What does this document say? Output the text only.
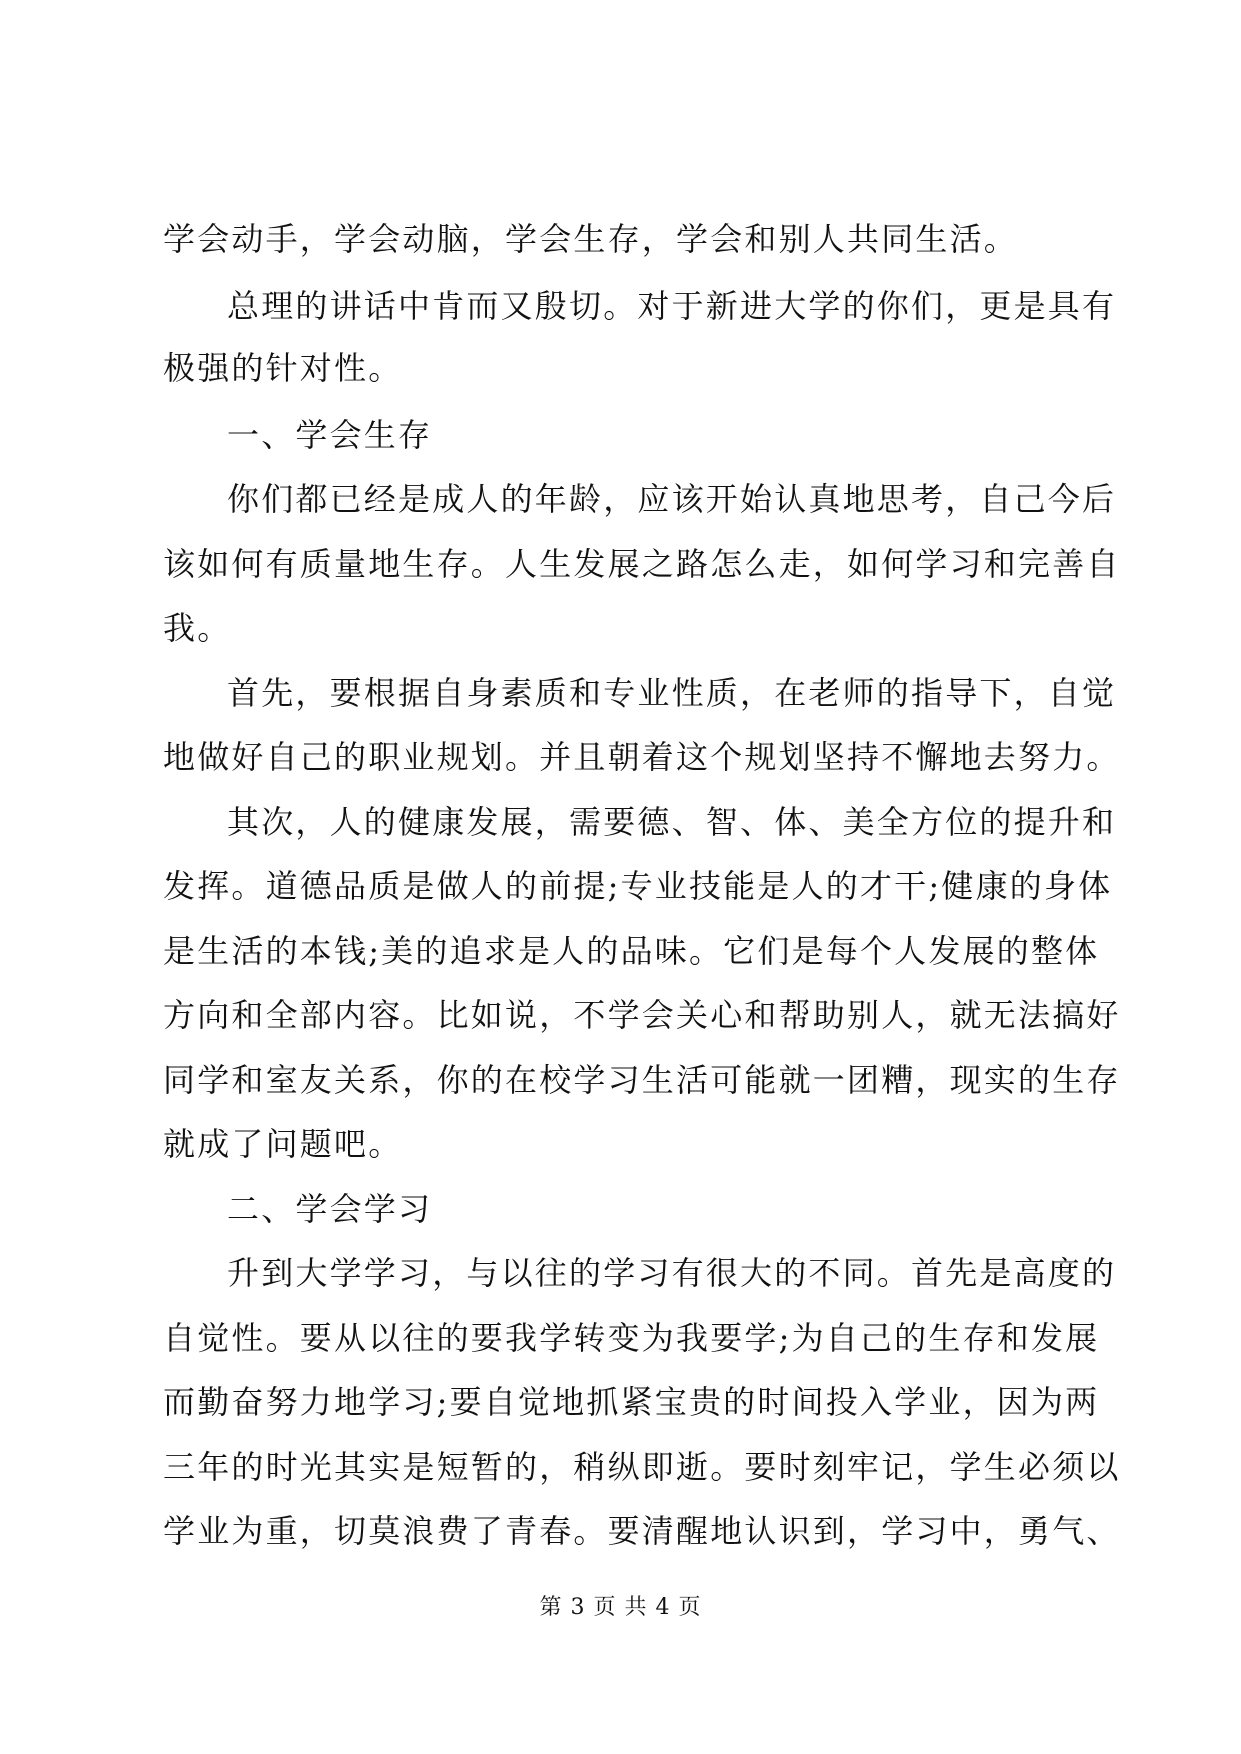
学会动手，学会动脑，学会生存，学会和别人共同生活。
总理的讲话中肯而又殷切。对于新进大学的你们，更是具有
极强的针对性。
一、学会生存
你们都已经是成人的年龄，应该开始认真地思考，自己今后
该如何有质量地生存。人生发展之路怎么走，如何学习和完善自
我。
首先，要根据自身素质和专业性质，在老师的指导下，自觉
地做好自己的职业规划。并且朝着这个规划坚持不懈地去努力。
其次，人的健康发展，需要德、智、体、美全方位的提升和
发挥。道德品质是做人的前提;专业技能是人的才干;健康的身体
是生活的本钱;美的追求是人的品味。它们是每个人发展的整体
方向和全部内容。比如说，不学会关心和帮助别人，就无法搞好
同学和室友关系，你的在校学习生活可能就一团糟，现实的生存
就成了问题吧。
二、学会学习
升到大学学习，与以往的学习有很大的不同。首先是高度的
自觉性。要从以往的要我学转变为我要学;为自己的生存和发展
而勤奋努力地学习;要自觉地抓紧宝贵的时间投入学业，因为两
三年的时光其实是短暂的，稍纵即逝。要时刻牢记，学生必须以
学业为重，切莫浪费了青春。要清醒地认识到，学习中，勇气、
第 3 页 共 4 页
